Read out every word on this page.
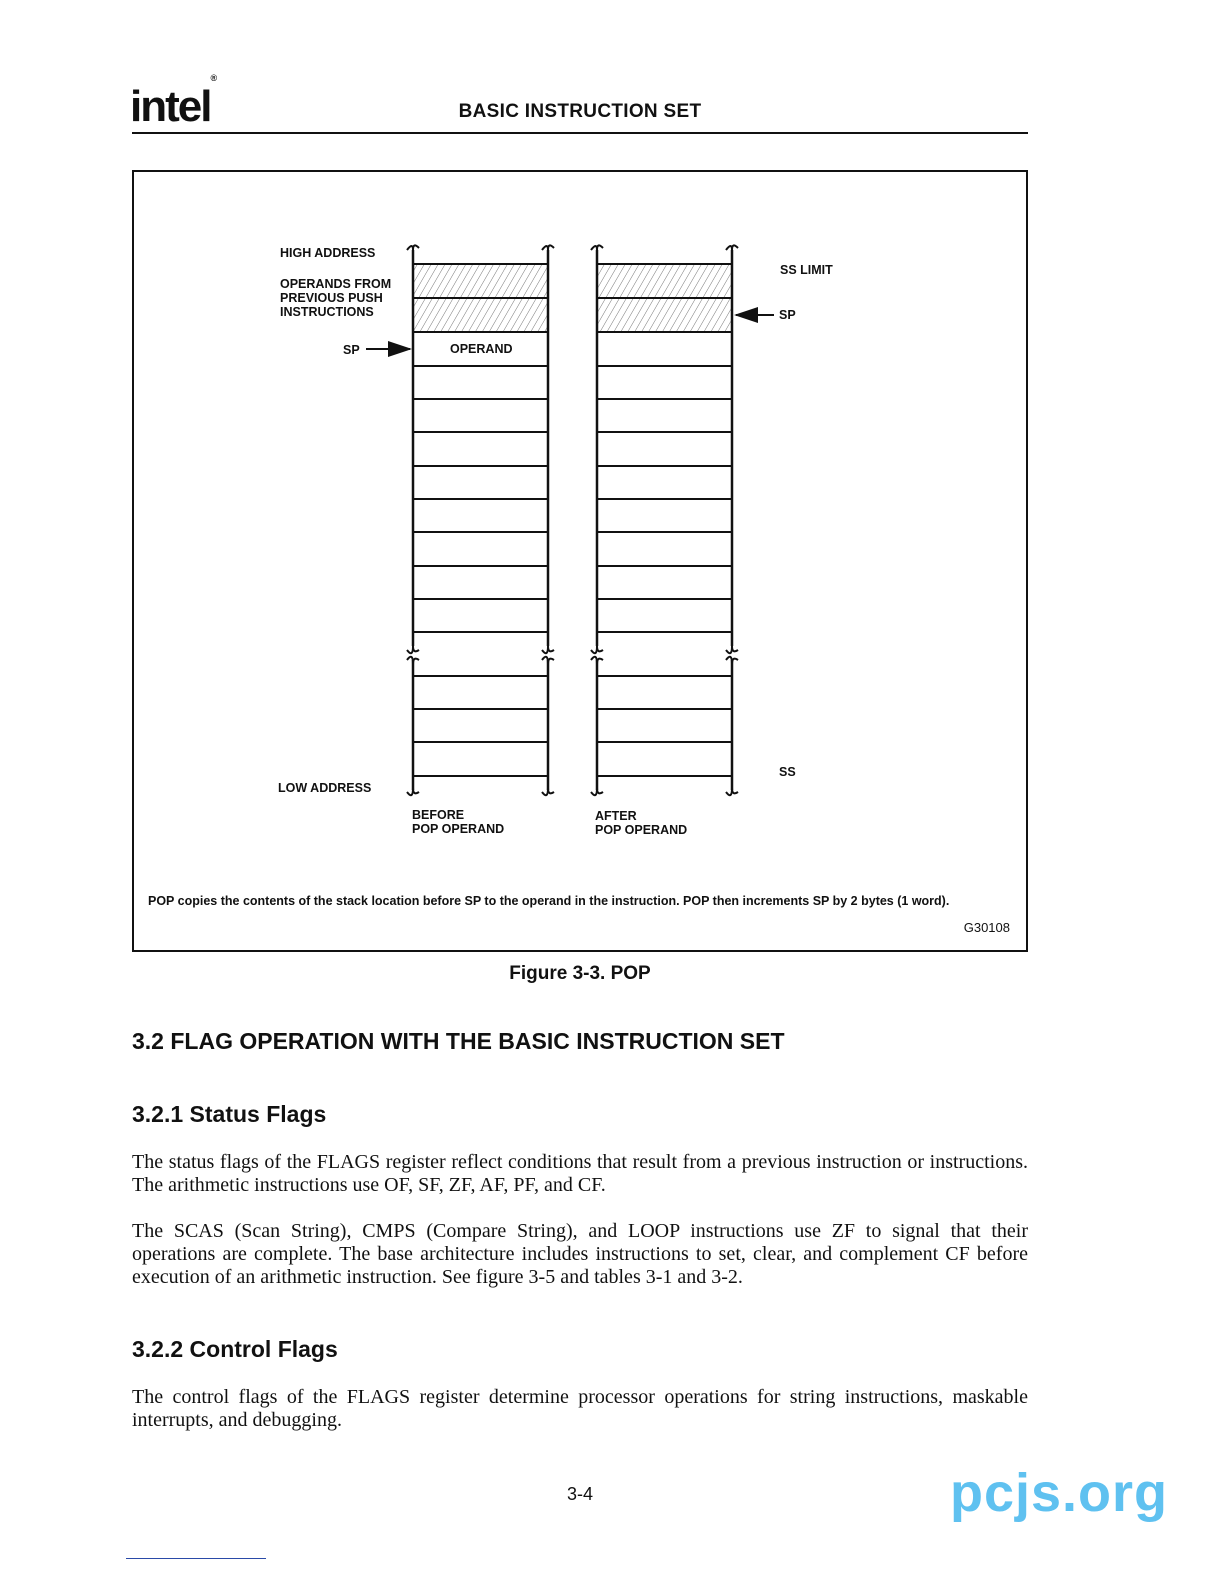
intel®
BASIC INSTRUCTION SET
HIGH ADDRESS
OPERANDS FROM
PREVIOUS PUSH
INSTRUCTIONS
SP	OPERAND
LOW ADDRESS
SS LIMIT
SP
SS
BEFORE
POP OPERAND
AFTER
POP OPERAND
POP copies the contents of the stack location before SP to the operand in the instruction. POP then increments SP by 2 bytes (1 word).
G30108
Figure 3-3. POP
3.2 FLAG OPERATION WITH THE BASIC INSTRUCTION SET
3.2.1 Status Flags
The status flags of the FLAGS register reflect conditions that result from a previous instruction or instructions. The arithmetic instructions use OF, SF, ZF, AF, PF, and CF.
The SCAS (Scan String), CMPS (Compare String), and LOOP instructions use ZF to signal that their operations are complete. The base architecture includes instructions to set, clear, and complement CF before execution of an arithmetic instruction. See figure 3-5 and tables 3-1 and 3-2.
3.2.2 Control Flags
The control flags of the FLAGS register determine processor operations for string instructions, maskable interrupts, and debugging.
3-4	pcjs.org
